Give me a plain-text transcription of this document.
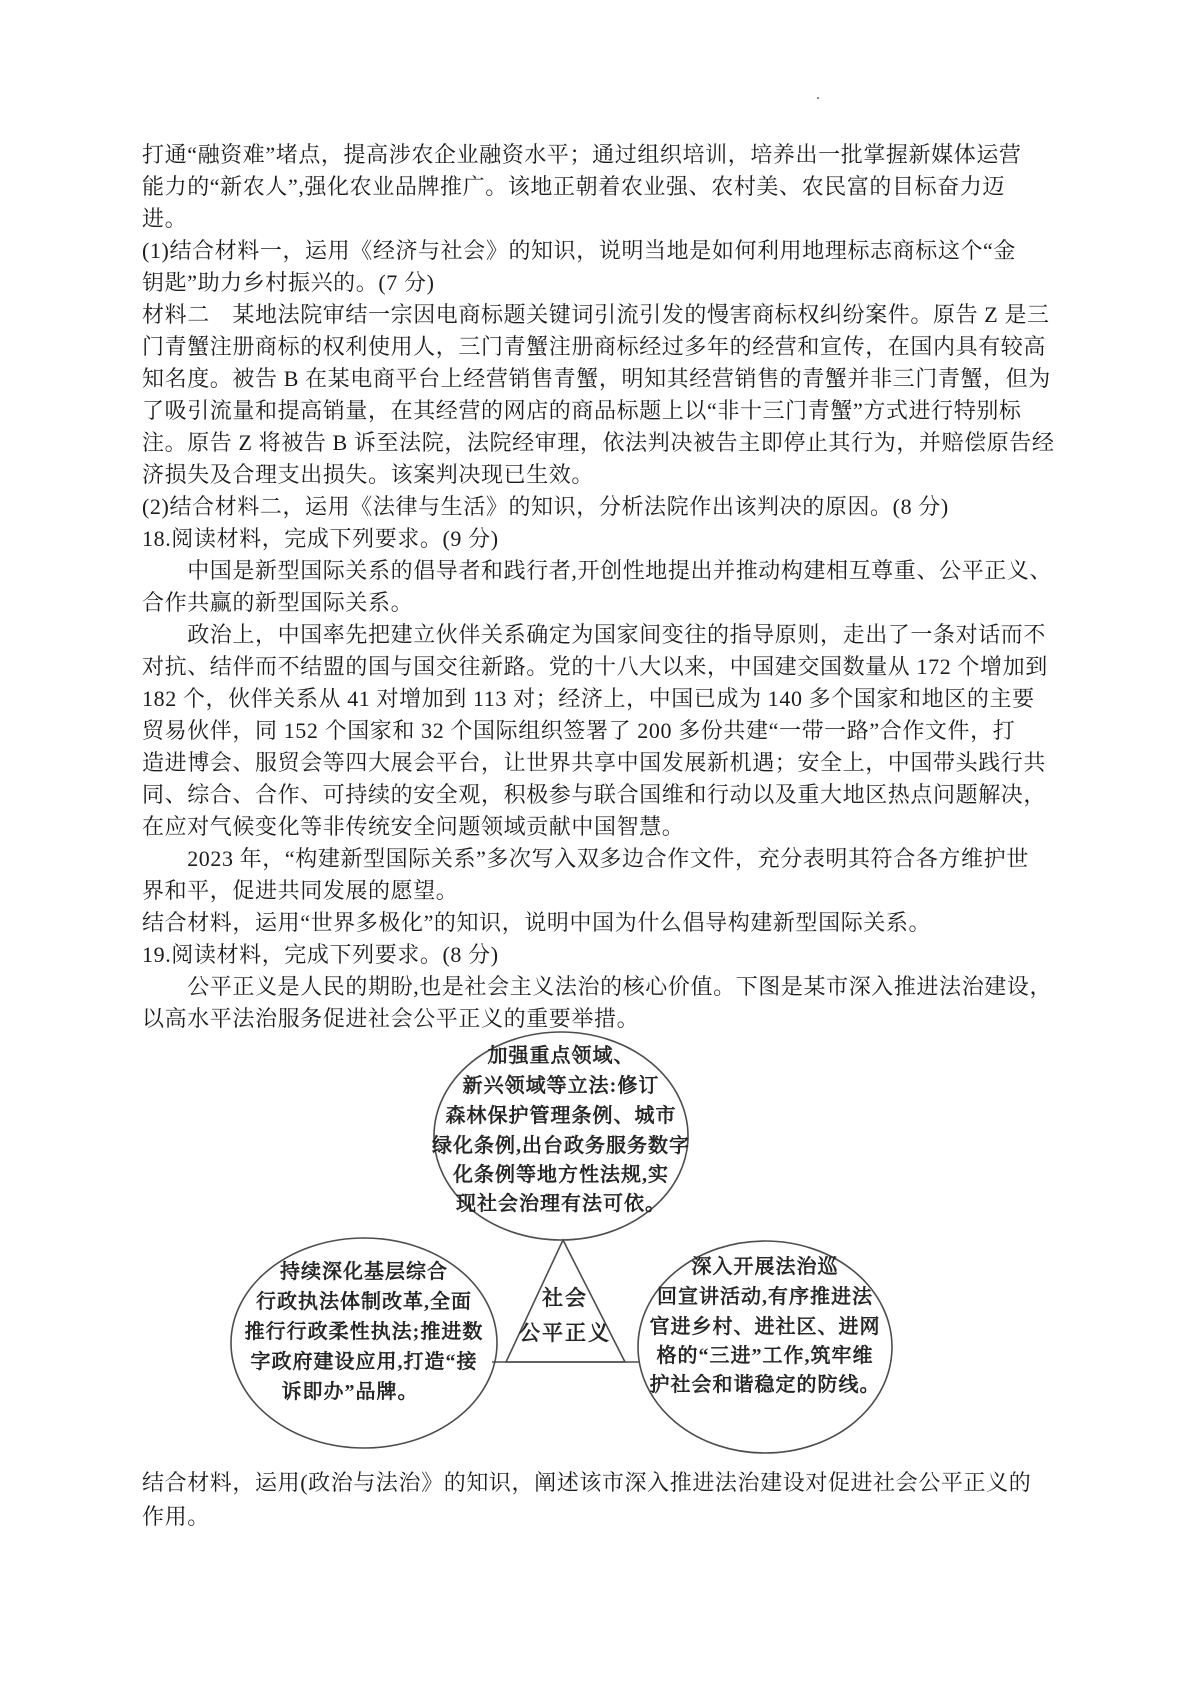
.
打通“融资难”堵点，提高涉农企业融资水平；通过组织培训，培养出一批掌握新媒体运营
能力的“新农人”,强化农业品牌推广。该地正朝着农业强、农村美、农民富的目标奋力迈
进。
(1)结合材料一，运用《经济与社会》的知识，说明当地是如何利用地理标志商标这个“金
钥匙”助力乡村振兴的。(7 分)
材料二　某地法院审结一宗因电商标题关键词引流引发的慢害商标权纠纷案件。原告 Z 是三
门青蟹注册商标的权利使用人，三门青蟹注册商标经过多年的经营和宣传，在国内具有较高
知名度。被告 B 在某电商平台上经营销售青蟹，明知其经营销售的青蟹并非三门青蟹，但为
了吸引流量和提高销量，在其经营的网店的商品标题上以“非十三门青蟹”方式进行特别标
注。原告 Z 将被告 B 诉至法院，法院经审理，依法判决被告主即停止其行为，并赔偿原告经
济损失及合理支出损失。该案判决现已生效。
(2)结合材料二，运用《法律与生活》的知识，分析法院作出该判决的原因。(8 分)
18.阅读材料，完成下列要求。(9 分)
　　中国是新型国际关系的倡导者和践行者,开创性地提出并推动构建相互尊重、公平正义、
合作共赢的新型国际关系。
　　政治上，中国率先把建立伙伴关系确定为国家间变往的指导原则，走出了一条对话而不
对抗、结伴而不结盟的国与国交往新路。党的十八大以来，中国建交国数量从 172 个增加到
182 个，伙伴关系从 41 对增加到 113 对；经济上，中国已成为 140 多个国家和地区的主要
贸易伙伴，同 152 个国家和 32 个国际组织签署了 200 多份共建“一带一路”合作文件，打
造进博会、服贸会等四大展会平台，让世界共享中国发展新机遇；安全上，中国带头践行共
同、综合、合作、可持续的安全观，积极参与联合国维和行动以及重大地区热点问题解决，
在应对气候变化等非传统安全问题领域贡献中国智慧。
　　2023 年，“构建新型国际关系”多次写入双多边合作文件，充分表明其符合各方维护世
界和平，促进共同发展的愿望。
结合材料，运用“世界多极化”的知识，说明中国为什么倡导构建新型国际关系。
19.阅读材料，完成下列要求。(8 分)
　　公平正义是人民的期盼,也是社会主义法治的核心价值。下图是某市深入推进法治建设，
以高水平法治服务促进社会公平正义的重要举措。
加强重点领域、
新兴领域等立法:修订
森林保护管理条例、城市
绿化条例,出台政务服务数字
化条例等地方性法规,实
现社会治理有法可依。
持续深化基层综合
行政执法体制改革,全面
推行行政柔性执法;推进数
字政府建设应用,打造“接
诉即办”品牌。
深入开展法治巡
回宣讲活动,有序推进法
官进乡村、进社区、进网
格的“三进”工作,筑牢维
护社会和谐稳定的防线。
社会
公平正义
结合材料，运用(政治与法治》的知识，阐述该市深入推进法治建设对促进社会公平正义的
作用。
